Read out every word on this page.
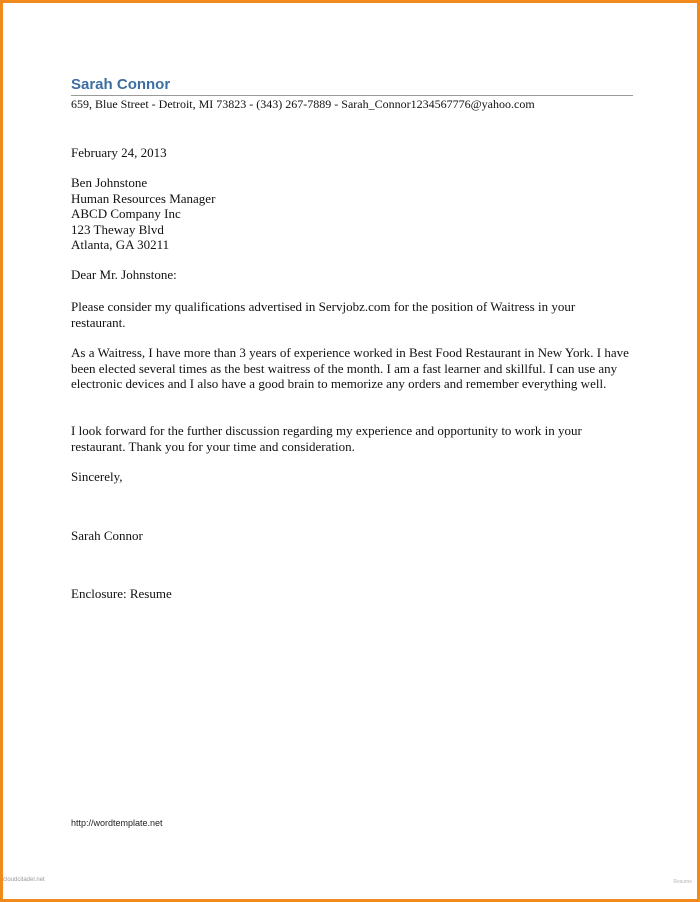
Sarah Connor
659, Blue Street - Detroit, MI 73823 - (343) 267-7889 - Sarah_Connor1234567776@yahoo.com
February 24, 2013
Ben Johnstone
Human Resources Manager
ABCD Company Inc
123 Theway Blvd
Atlanta, GA 30211
Dear Mr. Johnstone:
Please consider my qualifications advertised in Servjobz.com for the position of Waitress in your restaurant.
As a Waitress, I have more than 3 years of experience worked in Best Food Restaurant in New York. I have been elected several times as the best waitress of the month. I am a fast learner and skillful. I can use any electronic devices and I also have a good brain to memorize any orders and remember everything well.
I look forward for the further discussion regarding my experience and opportunity to work in your restaurant. Thank you for your time and consideration.
Sincerely,
Sarah Connor
Enclosure: Resume
http://wordtemplate.net
cloudcitadel.net	Resume
